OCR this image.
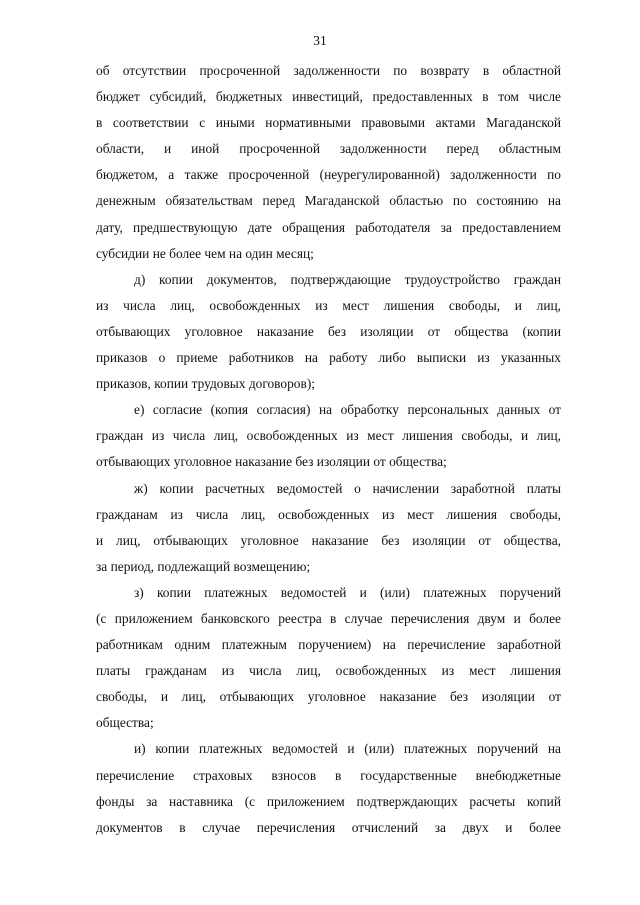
31
об отсутствии просроченной задолженности по возврату в областной
бюджет субсидий, бюджетных инвестиций, предоставленных в том числе
в соответствии с иными нормативными правовыми актами Магаданской
области, и иной просроченной задолженности перед областным
бюджетом, а также просроченной (неурегулированной) задолженности по
денежным обязательствам перед Магаданской областью по состоянию на
дату, предшествующую дате обращения работодателя за предоставлением
субсидии не более чем на один месяц;
д) копии документов, подтверждающие трудоустройство граждан
из числа лиц, освобожденных из мест лишения свободы, и лиц,
отбывающих уголовное наказание без изоляции от общества (копии
приказов о приеме работников на работу либо выписки из указанных
приказов, копии трудовых договоров);
е) согласие (копия согласия) на обработку персональных данных от
граждан из числа лиц, освобожденных из мест лишения свободы, и лиц,
отбывающих уголовное наказание без изоляции от общества;
ж) копии расчетных ведомостей о начислении заработной платы
гражданам из числа лиц, освобожденных из мест лишения свободы,
и лиц, отбывающих уголовное наказание без изоляции от общества,
за период, подлежащий возмещению;
з) копии платежных ведомостей и (или) платежных поручений
(с приложением банковского реестра в случае перечисления двум и более
работникам одним платежным поручением) на перечисление заработной
платы гражданам из числа лиц, освобожденных из мест лишения
свободы, и лиц, отбывающих уголовное наказание без изоляции от
общества;
и) копии платежных ведомостей и (или) платежных поручений на
перечисление страховых взносов в государственные внебюджетные
фонды за наставника (с приложением подтверждающих расчеты копий
документов в случае перечисления отчислений за двух и более
